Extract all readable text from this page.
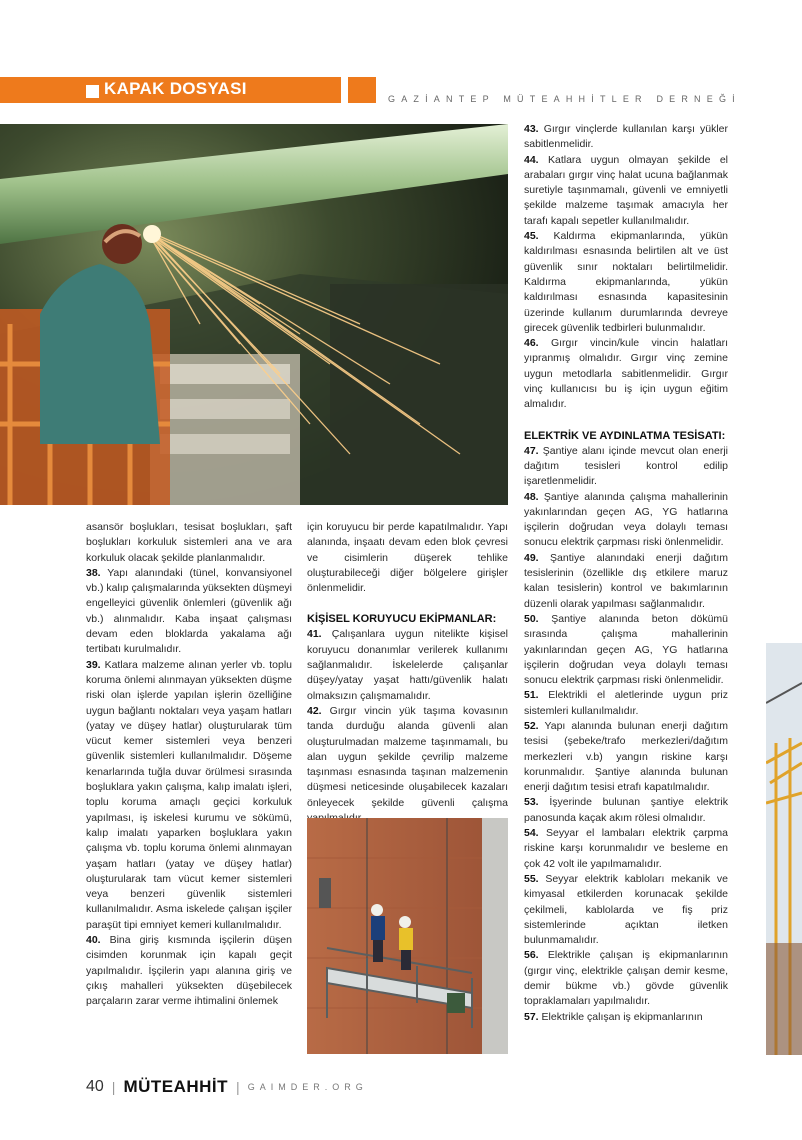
KAPAK DOSYASI
GAZİANTEP MÜTEAHHİTLER DERNEĞİ

asansör boşlukları, tesisat boşlukları, şaft boşlukları korkuluk sistemleri ana ve ara korkuluk olacak şekilde planlanmalıdır.

38. Yapı alanındaki (tünel, konvansiyonel vb.) kalıp çalışmalarında yüksekten düşmeyi engelleyici güvenlik önlemleri (güvenlik ağı vb.) alınmalıdır. Kaba inşaat çalışması devam eden bloklarda yakalama ağı tertibatı kurulmalıdır.

39. Katlara malzeme alınan yerler vb. toplu koruma önlemi alınmayan yüksekten düşme riski olan işlerde yapılan işlerin özelliğine uygun bağlantı noktaları veya yaşam hatları (yatay ve düşey hatlar) oluşturularak tüm vücut kemer sistemleri veya benzeri güvenlik sistemleri kullanılmalıdır. Döşeme kenarlarında tuğla duvar örülmesi sırasında boşluklara yakın çalışma, kalıp imalatı işleri, toplu koruma amaçlı geçici korkuluk yapılması, iş iskelesi kurumu ve sökümü, kalıp imalatı yaparken boşluklara yakın çalışma vb. toplu koruma önlemi alınmayan yaşam hatları (yatay ve düşey hatlar) oluşturularak tam vücut kemer sistemleri veya benzeri güvenlik sistemleri kullanılmalıdır. Asma iskelede çalışan işçiler paraşüt tipi emniyet kemeri kullanılmalıdır.

40. Bina giriş kısmında işçilerin düşen cisimden korunmak için kapalı geçit yapılmalıdır. İşçilerin yapı alanına giriş ve çıkış mahalleri yüksekten düşebilecek parçaların zarar verme ihtimalini önlemek

için koruyucu bir perde kapatılmalıdır. Yapı alanında, inşaatı devam eden blok çevresi ve cisimlerin düşerek tehlike oluşturabileceği diğer bölgelere girişler önlenmelidir.

KİŞİSEL KORUYUCU EKİPMANLAR:

41. Çalışanlara uygun nitelikte kişisel koruyucu donanımlar verilerek kullanımı sağlanmalıdır. İskelelerde çalışanlar düşey/yatay yaşat hattı/güvenlik halatı olmaksızın çalışmamalıdır.

42. Gırgır vincin yük taşıma kovasının tanda durduğu alanda güvenli alan oluşturulmadan malzeme taşınmamalı, bu alan uygun şekilde çevrilip malzeme taşınması esnasında taşınan malzemenin düşmesi neticesinde oluşabilecek kazaları önleyecek şekilde güvenli çalışma

43. Gırgır vinçlerde kullanılan karşı yükler sabitlenmelidir.

44. Katlara uygun olmayan şekilde el arabaları gırgır vinç halat ucuna bağlanmak suretiyle taşınmamalı, güvenli ve emniyetli şekilde malzeme taşımak amacıyla her tarafı kapalı sepetler kullanılmalıdır.

45. Kaldırma ekipmanlarında, yükün kaldırılması esnasında belirtilen alt ve üst güvenlik sınır noktaları belirtilmelidir. Kaldırma ekipmanlarında, yükün kaldırılması esnasında kapasitesinin üzerinde kullanım durumlarında devreye girecek güvenlik tedbirleri bulunmalıdır.

46. Gırgır vincin/kule vincin halatları yıpranmış olmalıdır. Gırgır vinç zemine uygun metodlarla sabitlenmelidir. Gırgır vinç kullanıcısı bu iş için uygun eğitim almalıdır.

ELEKTRİK VE AYDINLATMA TESİSATI:

47. Şantiye alanı içinde mevcut olan enerji dağıtım tesisleri kontrol edilip işaretlenmelidir.

48. Şantiye alanında çalışma mahallerinin yakınlarından geçen AG, YG hatlarına işçilerin doğrudan veya dolaylı teması sonucu elektrik çarpması riski önlenmelidir.

49. Şantiye alanındaki enerji dağıtım tesislerinin (özellikle dış etkilere maruz kalan tesislerin) kontrol ve bakımlarının düzenli olarak yapılması sağlanmalıdır.

50. Şantiye alanında beton dökümü sırasında çalışma mahallerinin yakınlarından geçen AG, YG hatlarına işçilerin doğrudan veya dolaylı teması sonucu elektrik çarpması riski önlenmelidir.

51. Elektrikli el aletlerinde uygun priz sistemleri kullanılmalıdır.

52. Yapı alanında bulunan enerji dağıtım tesisi (şebeke/trafo merkezleri/dağıtım merkezleri v.b) yangın riskine karşı korunmalıdır. Şantiye alanında bulunan enerji dağıtım tesisi etrafı kapatılmalıdır.

53. İşyerinde bulunan şantiye elektrik panosunda kaçak akım rölesi olmalıdır.

54. Seyyar el lambaları elektrik çarpma riskine karşı korunmalıdır ve besleme en çok 42 volt ile yapılmamalıdır.

55. Seyyar elektrik kabloları mekanik ve kimyasal etkilerden korunacak şekilde çekilmeli, kablolarda ve fiş priz sistemlerinde açıktan iletken bulunmamalıdır.

56. Elektrikle çalışan iş ekipmanlarının (gırgır vinç, elektrikle çalışan demir kesme, demir bükme vb.) gövde güvenlik topraklamaları yapılmalıdır.

57. Elektrikle çalışan iş ekipmanlarının

40 | MÜTEAHHİT | GAIMDER.ORG
